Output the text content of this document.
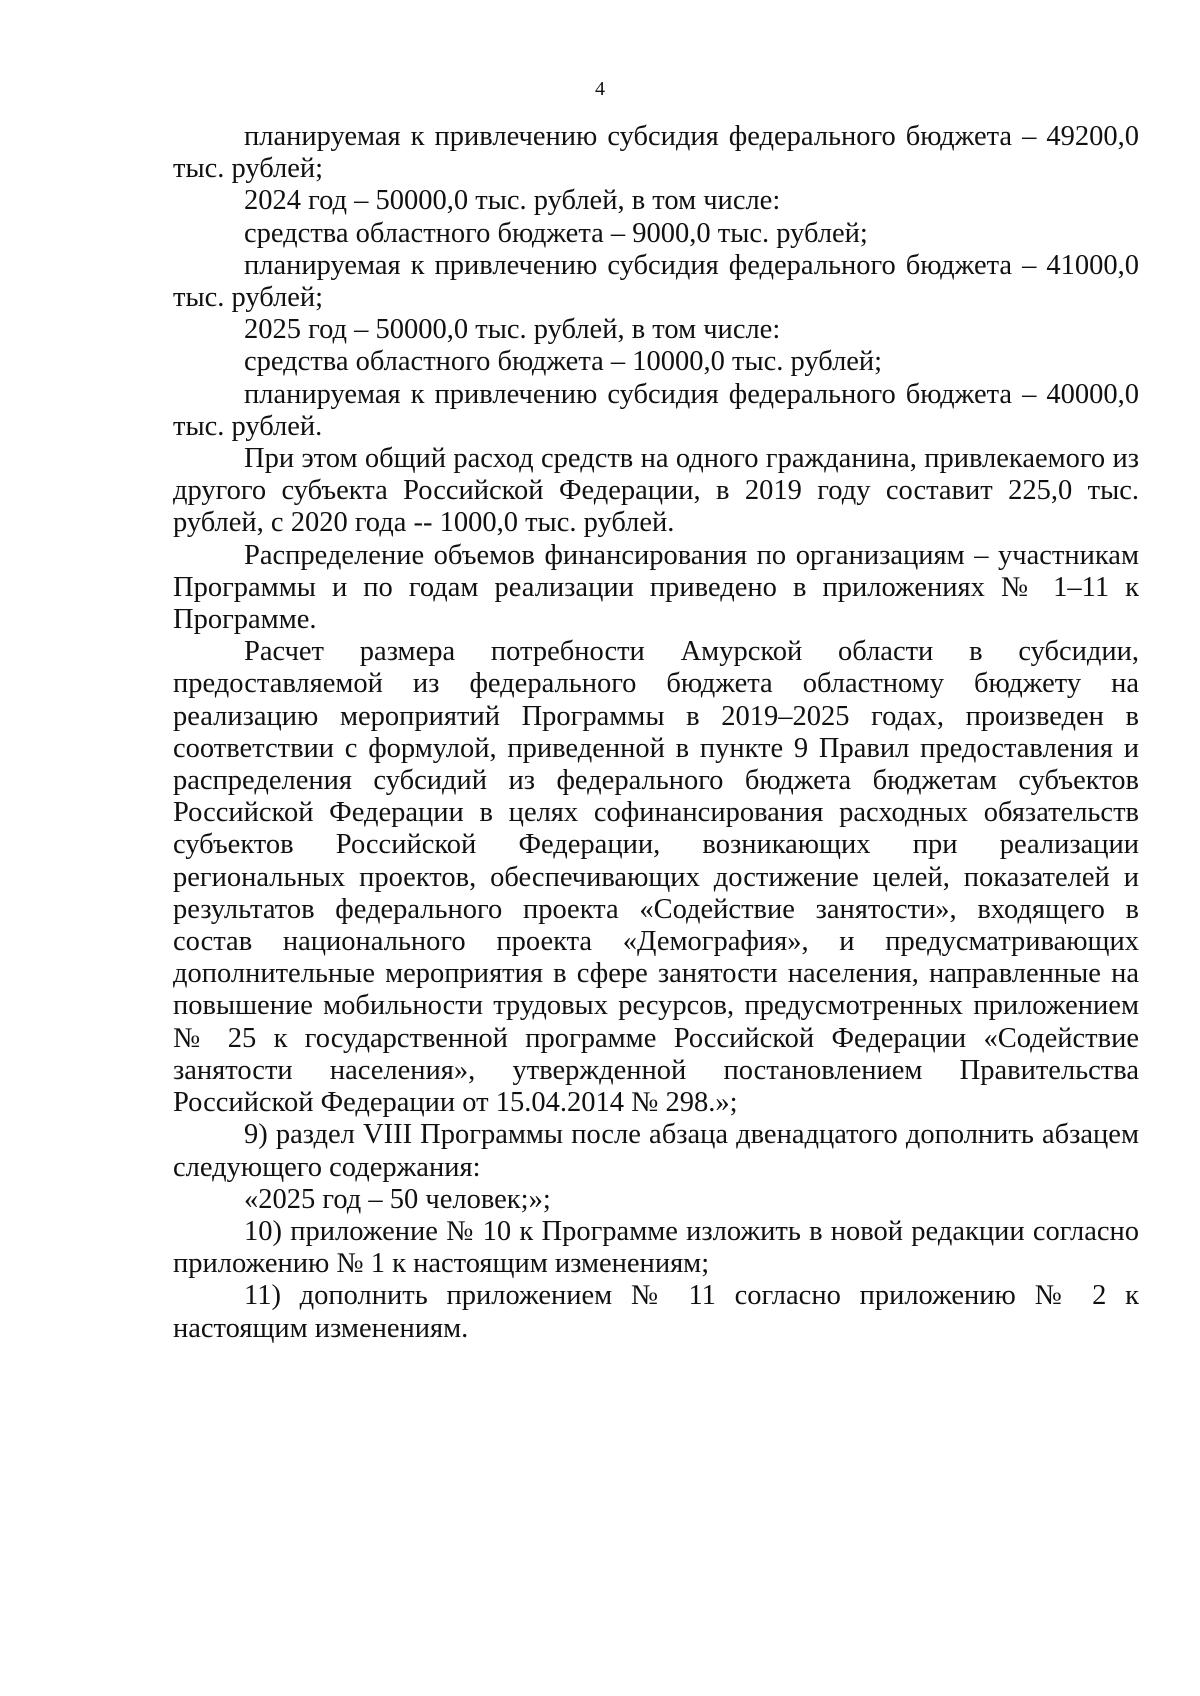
4

планируемая к привлечению субсидия федерального бюджета – 49200,0 тыс. рублей;

2024 год – 50000,0 тыс. рублей, в том числе:

средства областного бюджета – 9000,0 тыс. рублей;

планируемая к привлечению субсидия федерального бюджета – 41000,0 тыс. рублей;

2025 год – 50000,0 тыс. рублей, в том числе:

средства областного бюджета – 10000,0 тыс. рублей;

планируемая к привлечению субсидия федерального бюджета – 40000,0 тыс. рублей.

При этом общий расход средств на одного гражданина, привлекаемого из другого субъекта Российской Федерации, в 2019 году составит 225,0 тыс. рублей, с 2020 года -- 1000,0 тыс. рублей.

Распределение объемов финансирования по организациям – участникам Программы и по годам реализации приведено в приложениях № 1–11 к Программе.

Расчет размера потребности Амурской области в субсидии, предоставляемой из федерального бюджета областному бюджету на реализацию мероприятий Программы в 2019–2025 годах, произведен в соответствии с формулой, приведенной в пункте 9 Правил предоставления и распределения субсидий из федерального бюджета бюджетам субъектов Российской Федерации в целях софинансирования расходных обязательств субъектов Российской Федерации, возникающих при реализации региональных проектов, обеспечивающих достижение целей, показателей и результатов федерального проекта «Содействие занятости», входящего в состав национального проекта «Демография», и предусматривающих дополнительные мероприятия в сфере занятости населения, направленные на повышение мобильности трудовых ресурсов, предусмотренных приложением № 25 к государственной программе Российской Федерации «Содействие занятости населения», утвержденной постановлением Правительства Российской Федерации от 15.04.2014 № 298.»;

9) раздел VIII Программы после абзаца двенадцатого дополнить абзацем следующего содержания:

«2025 год – 50 человек;»;

10) приложение № 10 к Программе изложить в новой редакции согласно приложению № 1 к настоящим изменениям;

11) дополнить приложением № 11 согласно приложению № 2 к настоящим изменениям.
